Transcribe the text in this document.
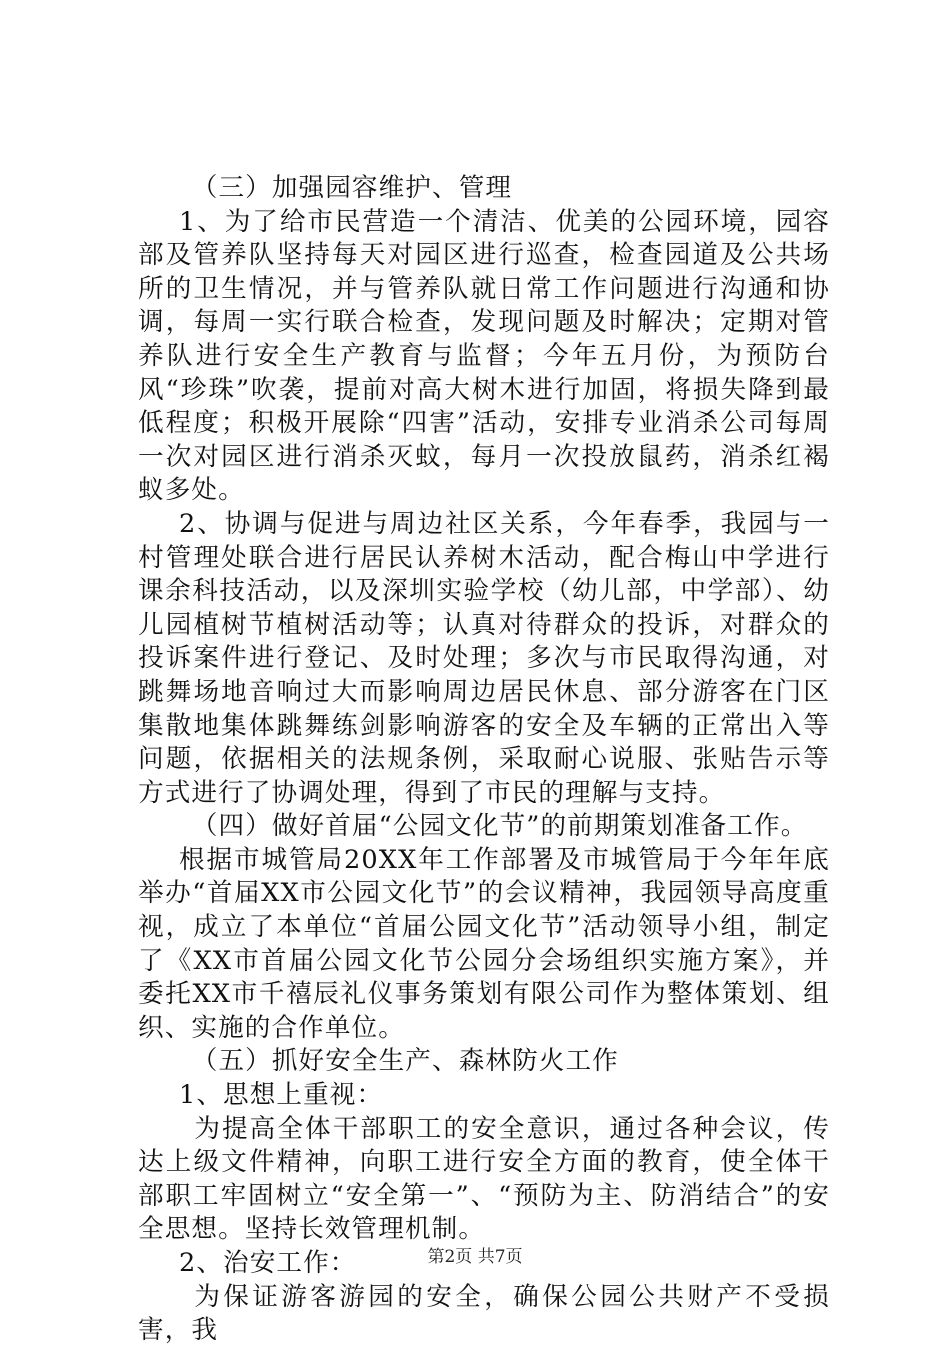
（三）加强园容维护、管理

1、为了给市民营造一个清洁、优美的公园环境，园容部及管养队坚持每天对园区进行巡查，检查园道及公共场所的卫生情况，并与管养队就日常工作问题进行沟通和协调，每周一实行联合检查，发现问题及时解决；定期对管养队进行安全生产教育与监督；今年五月份，为预防台风“珍珠”吹袭，提前对高大树木进行加固，将损失降到最低程度；积极开展除“四害”活动，安排专业消杀公司每周一次对园区进行消杀灭蚊，每月一次投放鼠药，消杀红褐蚁多处。

2、协调与促进与周边社区关系，今年春季，我园与一村管理处联合进行居民认养树木活动，配合梅山中学进行课余科技活动，以及深圳实验学校（幼儿部，中学部）、幼儿园植树节植树活动等；认真对待群众的投诉，对群众的投诉案件进行登记、及时处理；多次与市民取得沟通，对跳舞场地音响过大而影响周边居民休息、部分游客在门区集散地集体跳舞练剑影响游客的安全及车辆的正常出入等问题，依据相关的法规条例，采取耐心说服、张贴告示等方式进行了协调处理，得到了市民的理解与支持。

（四）做好首届“公园文化节”的前期策划准备工作。

根据市城管局20XX年工作部署及市城管局于今年年底举办“首届XX市公园文化节”的会议精神，我园领导高度重视，成立了本单位“首届公园文化节”活动领导小组，制定了《XX市首届公园文化节公园分会场组织实施方案》，并委托XX市千禧辰礼仪事务策划有限公司作为整体策划、组织、实施的合作单位。

（五）抓好安全生产、森林防火工作

1、思想上重视：

为提高全体干部职工的安全意识，通过各种会议，传达上级文件精神，向职工进行安全方面的教育，使全体干部职工牢固树立“安全第一”、“预防为主、防消结合”的安全思想。坚持长效管理机制。

2、治安工作：

为保证游客游园的安全，确保公园公共财产不受损害，我

第2页 共7页
